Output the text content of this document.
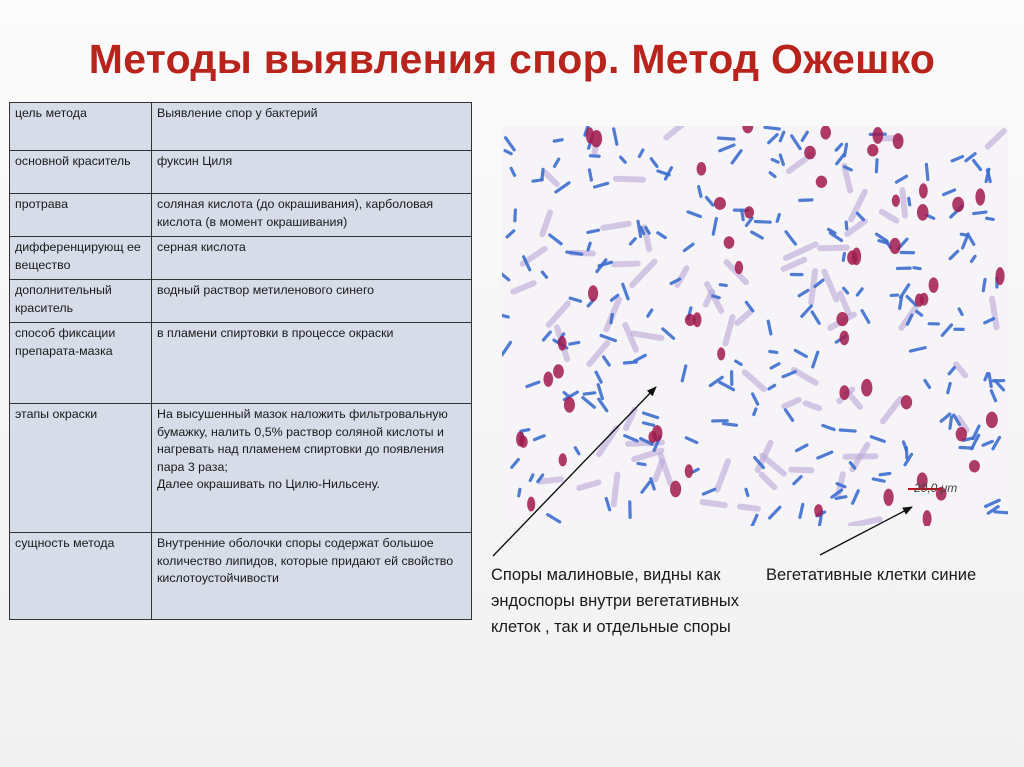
Методы выявления спор. Метод Ожешко
цель метода	Выявление спор у бактерий
основной краситель	фуксин Циля
протрава	соляная кислота (до окрашивания), карболовая кислота (в момент окрашивания)
дифференцирующ ее вещество	серная кислота
дополнительный краситель	водный раствор метиленового синего
способ фиксации препарата-мазка	в пламени спиртовки в процессе окраски
этапы окраски	На высушенный мазок наложить фильтровальную бумажку, налить 0,5% раствор соляной кислоты и нагревать над пламенем спиртовки до появления пара 3 раза;
Далее окрашивать по Цилю-Нильсену.
сущность метода	Внутренние оболочки споры содержат большое количество липидов, которые придают ей свойство кислотоустойчивости
20,0 μm
Споры малиновые, видны как эндоспоры внутри вегетативных клеток , так и отдельные споры
Вегетативные клетки синие
